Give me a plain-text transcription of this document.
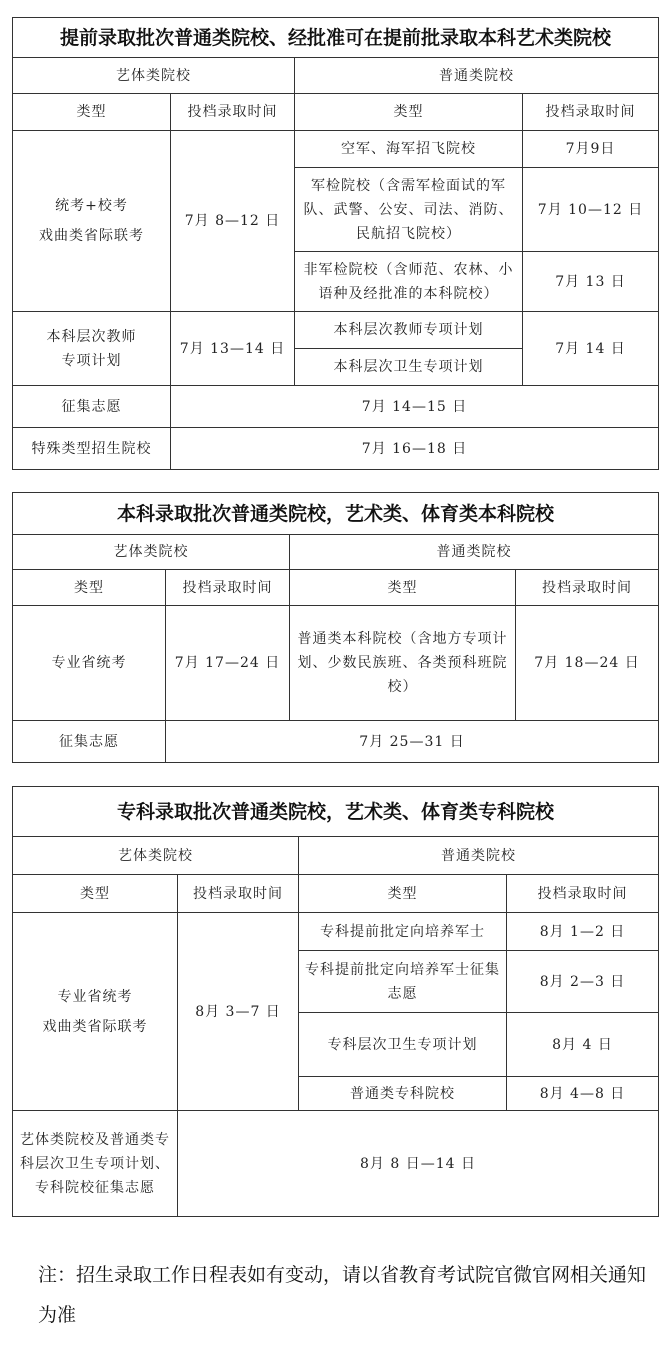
提前录取批次普通类院校、经批准可在提前批录取本科艺术类院校			
艺体类院校		普通类院校	
类型	投档录取时间	类型	投档录取时间

统考+校考
戏曲类省际联考	7月 8—12 日	空军、海军招飞院校	7月9日
		军检院校（含需军检面试的军队、武警、公安、司法、消防、民航招飞院校）	7月 10—12 日
		非军检院校（含师范、农林、小语种及经批准的本科院校）	7月 13 日

本科层次教师
专项计划	7月 13—14 日	本科层次教师专项计划	7月 14 日
		本科层次卫生专项计划	
征集志愿	7月 14—15 日		
特殊类型招生院校	7月 16—18 日		
本科录取批次普通类院校，艺术类、体育类本科院校			
艺体类院校		普通类院校	
类型	投档录取时间	类型	投档录取时间
专业省统考	7月 17—24 日	普通类本科院校（含地方专项计划、少数民族班、各类预科班院校）	7月 18—24 日
征集志愿	7月 25—31 日		
专科录取批次普通类院校，艺术类、体育类专科院校			
艺体类院校		普通类院校	
类型	投档录取时间	类型	投档录取时间

专业省统考
戏曲类省际联考	8月 3—7 日	专科提前批定向培养军士	8月 1—2 日
		专科提前批定向培养军士征集志愿	8月 2—3 日
		专科层次卫生专项计划	8月 4 日
		普通类专科院校	8月 4—8 日
艺体类院校及普通类专科层次卫生专项计划、专科院校征集志愿	8月 8 日—14 日		
注：招生录取工作日程表如有变动，请以省教育考试院官微官网相关通知为准
